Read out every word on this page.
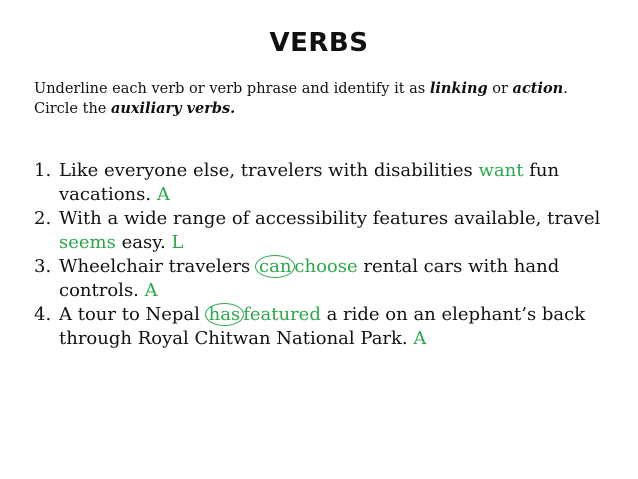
VERBS
Underline each verb or verb phrase and identify it as linking or action.
Circle the auxiliary verbs.
1. Like everyone else, travelers with disabilities want fun vacations. A
2. With a wide range of accessibility features available, travel seems easy. L
3. Wheelchair travelers can choose rental cars with hand controls. A
4. A tour to Nepal has featured a ride on an elephant’s back through Royal Chitwan National Park. A
